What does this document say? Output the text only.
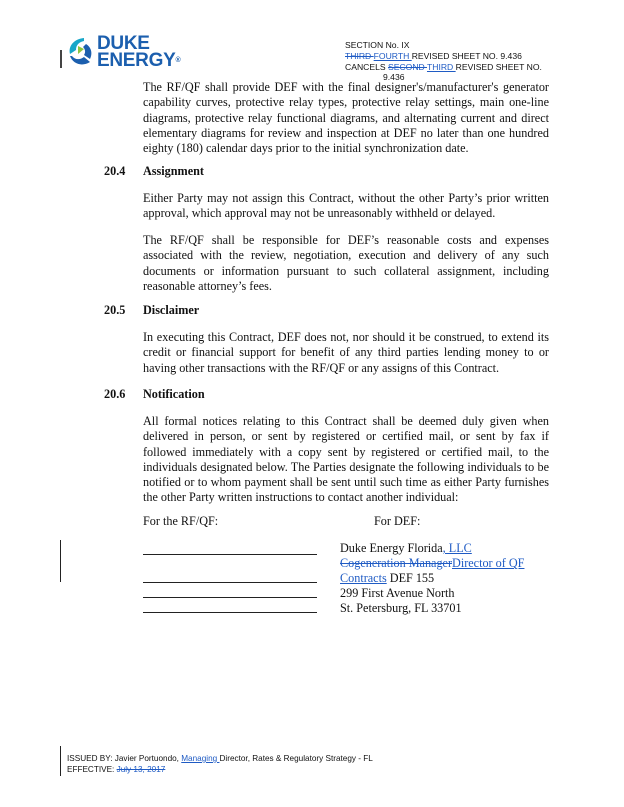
DUKE
ENERGY®
SECTION No. IX
THIRD FOURTH REVISED SHEET NO. 9.436
CANCELS SECOND THIRD REVISED SHEET NO.
9.436
The RF/QF shall provide DEF with the final designer's/manufacturer's generator capability curves, protective relay types, protective relay settings, main one-line diagrams, protective relay functional diagrams, and alternating current and direct elementary diagrams for review and inspection at DEF no later than one hundred eighty (180) calendar days prior to the initial synchronization date.
20.4 Assignment
Either Party may not assign this Contract, without the other Party’s prior written approval, which approval may not be unreasonably withheld or delayed.
The RF/QF shall be responsible for DEF’s reasonable costs and expenses associated with the review, negotiation, execution and delivery of any such documents or information pursuant to such collateral assignment, including reasonable attorney’s fees.
20.5 Disclaimer
In executing this Contract, DEF does not, nor should it be construed, to extend its credit or financial support for benefit of any third parties lending money to or having other transactions with the RF/QF or any assigns of this Contract.
20.6 Notification
All formal notices relating to this Contract shall be deemed duly given when delivered in person, or sent by registered or certified mail, or sent by fax if followed immediately with a copy sent by registered or certified mail, to the individuals designated below. The Parties designate the following individuals to be notified or to whom payment shall be sent until such time as either Party furnishes the other Party written instructions to contact another individual:
For the RF/QF:	For DEF:
Duke Energy Florida, LLC
Cogeneration ManagerDirector of QF
Contracts DEF 155
299 First Avenue North
St. Petersburg, FL 33701
ISSUED BY: Javier Portuondo, Managing Director, Rates & Regulatory Strategy - FL
EFFECTIVE: July 13, 2017
